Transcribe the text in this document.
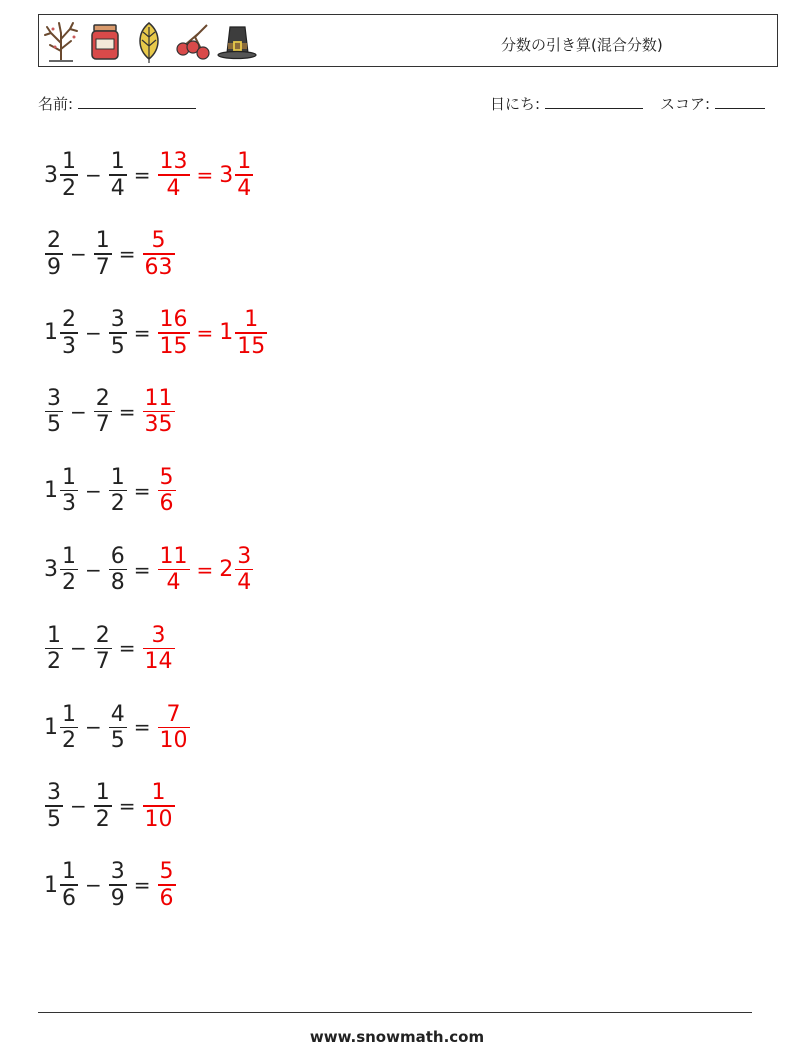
分数の引き算(混合分数)
名前:	日にち:	スコア:
$3 \frac{1}{2} - \frac{1}{4} = \frac{13}{4} = 3 \frac{1}{4}$
$\frac{2}{9} - \frac{1}{7} = \frac{5}{63}$
$1 \frac{2}{3} - \frac{3}{5} = \frac{16}{15} = 1 \frac{1}{15}$
$\frac{3}{5} - \frac{2}{7} = \frac{11}{35}$
$1 \frac{1}{3} - \frac{1}{2} = \frac{5}{6}$
$3 \frac{1}{2} - \frac{6}{8} = \frac{11}{4} = 2 \frac{3}{4}$
$\frac{1}{2} - \frac{2}{7} = \frac{3}{14}$
$1 \frac{1}{2} - \frac{4}{5} = \frac{7}{10}$
$\frac{3}{5} - \frac{1}{2} = \frac{1}{10}$
$1 \frac{1}{6} - \frac{3}{9} = \frac{5}{6}$
www.snowmath.com
